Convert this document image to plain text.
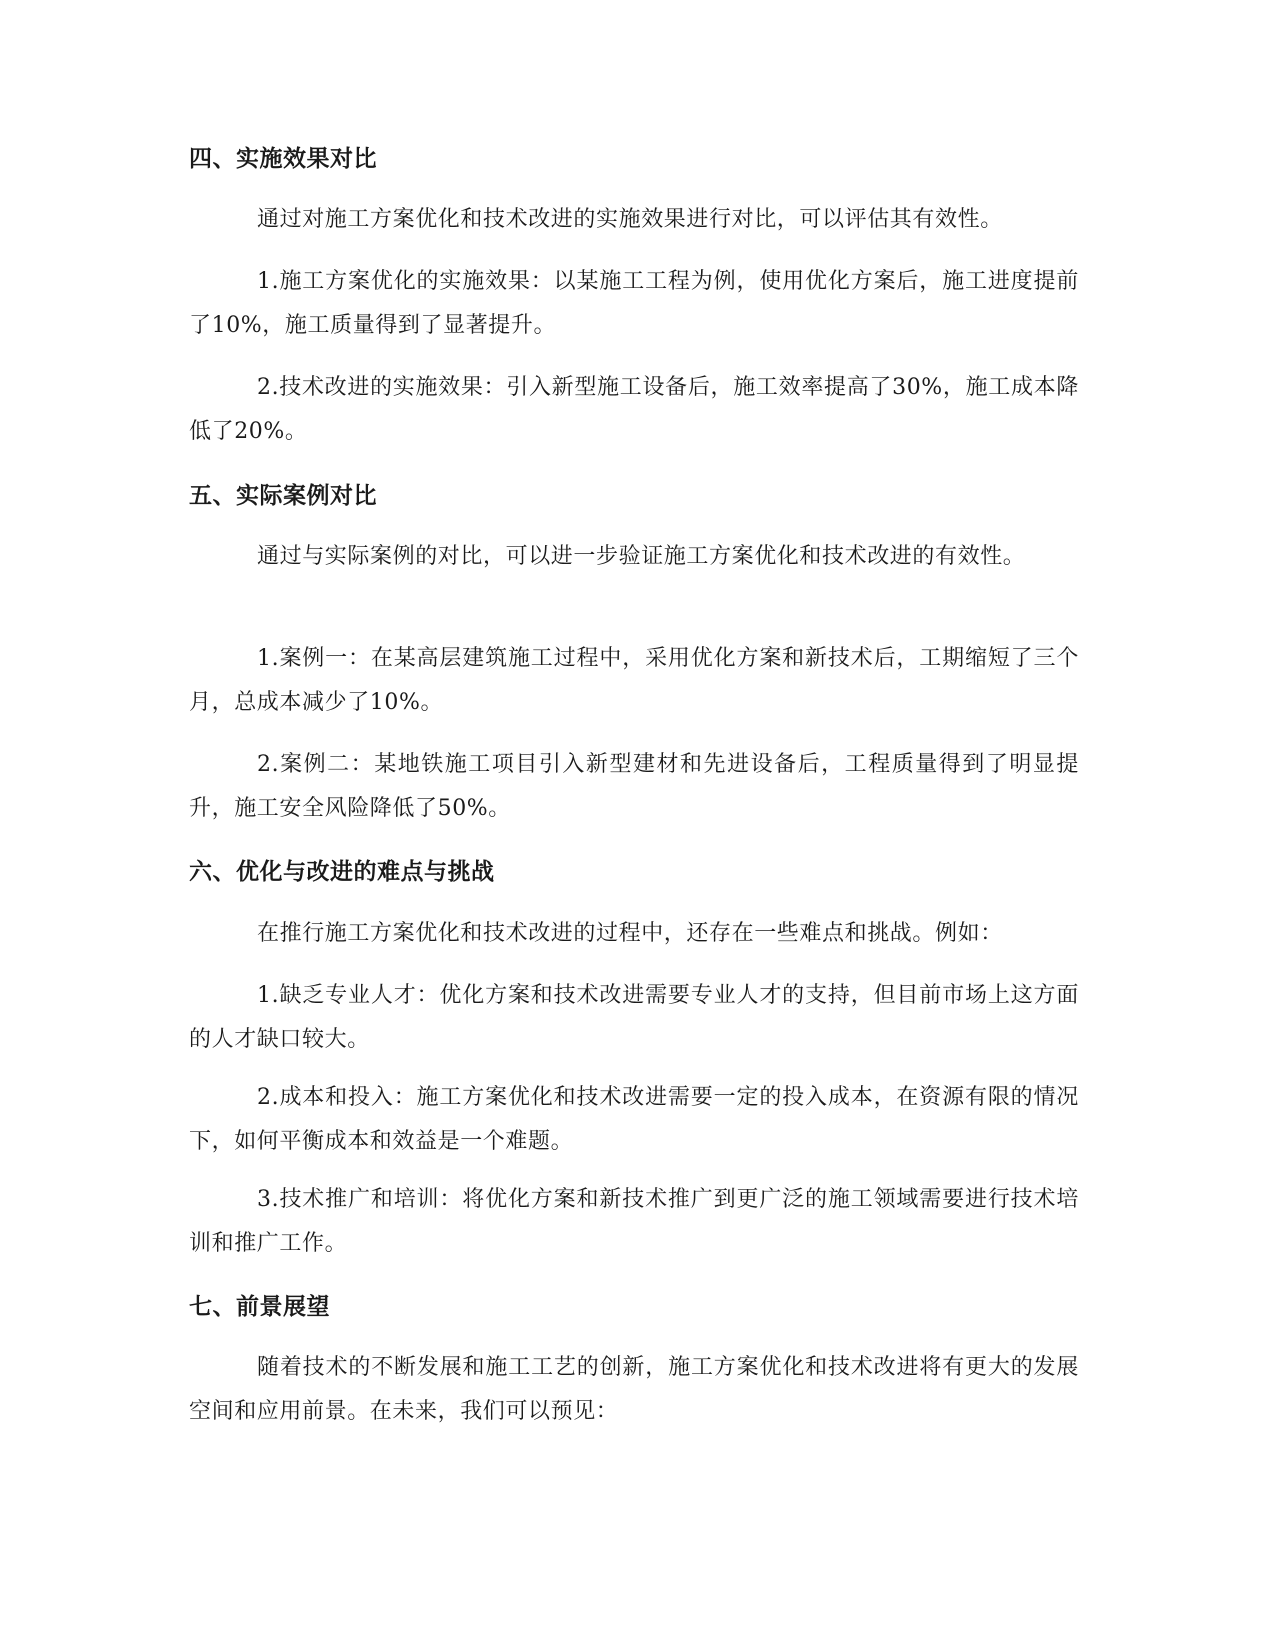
四、实施效果对比

通过对施工方案优化和技术改进的实施效果进行对比，可以评估其有效性。

1.施工方案优化的实施效果：以某施工工程为例，使用优化方案后，施工进度提前了10%，施工质量得到了显著提升。

2.技术改进的实施效果：引入新型施工设备后，施工效率提高了30%，施工成本降低了20%。

五、实际案例对比

通过与实际案例的对比，可以进一步验证施工方案优化和技术改进的有效性。

1.案例一：在某高层建筑施工过程中，采用优化方案和新技术后，工期缩短了三个月，总成本减少了10%。

2.案例二：某地铁施工项目引入新型建材和先进设备后，工程质量得到了明显提升，施工安全风险降低了50%。

六、优化与改进的难点与挑战

在推行施工方案优化和技术改进的过程中，还存在一些难点和挑战。例如：

1.缺乏专业人才：优化方案和技术改进需要专业人才的支持，但目前市场上这方面的人才缺口较大。

2.成本和投入：施工方案优化和技术改进需要一定的投入成本，在资源有限的情况下，如何平衡成本和效益是一个难题。

3.技术推广和培训：将优化方案和新技术推广到更广泛的施工领域需要进行技术培训和推广工作。

七、前景展望

随着技术的不断发展和施工工艺的创新，施工方案优化和技术改进将有更大的发展空间和应用前景。在未来，我们可以预见：
